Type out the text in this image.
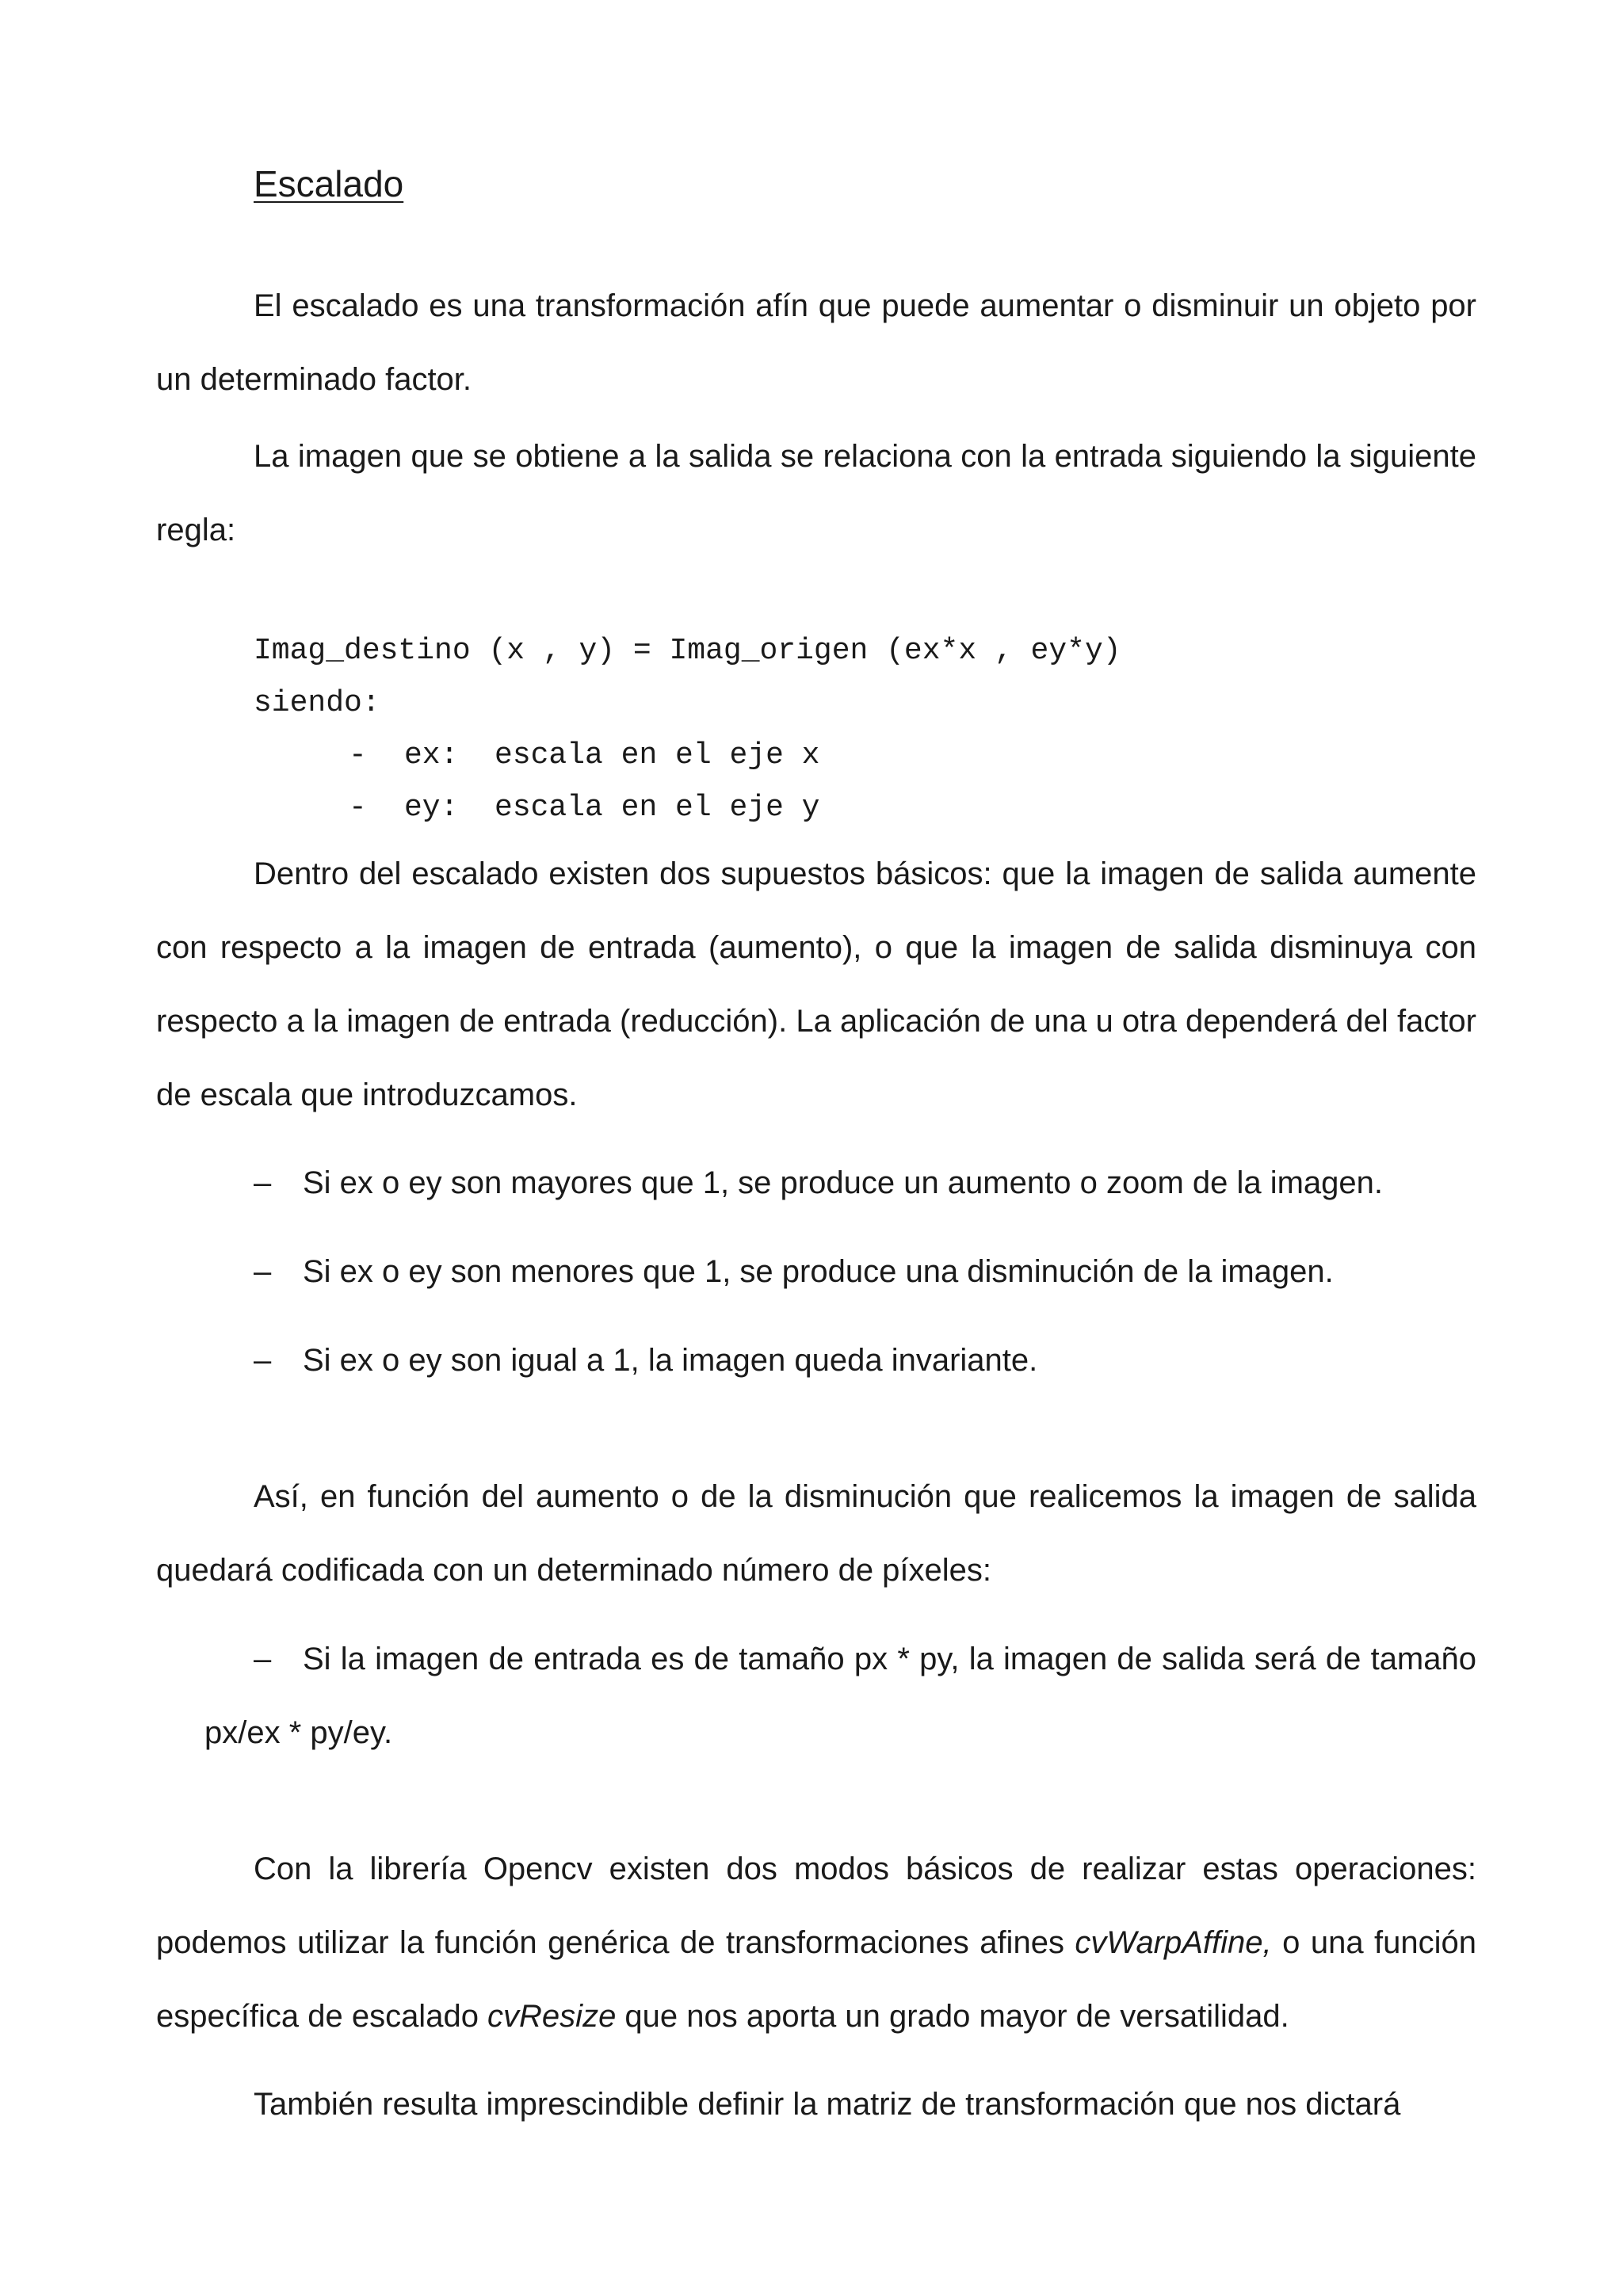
Escalado

El escalado es una transformación afín que puede aumentar o disminuir un objeto por un determinado factor.

La imagen que se obtiene a la salida se relaciona con la entrada siguiendo la siguiente regla:

Imag_destino (x , y) = Imag_origen (ex*x , ey*y)
siendo:
- ex:  escala en el eje x
- ey:  escala en el eje y

Dentro del escalado existen dos supuestos básicos: que la imagen de salida aumente con respecto a la imagen de entrada (aumento), o que la imagen de salida disminuya con respecto a la imagen de entrada (reducción). La aplicación de una u otra dependerá del factor de escala que introduzcamos.

– Si ex o ey son mayores que 1, se produce un aumento o zoom de la imagen.
– Si ex o ey son menores que 1, se produce una disminución de la imagen.
– Si ex o ey son igual a 1, la imagen queda invariante.

Así, en función del aumento o de la disminución que realicemos la imagen de salida quedará codificada con un determinado número de píxeles:

– Si la imagen de entrada es de tamaño px * py, la imagen de salida será de tamaño px/ex * py/ey.

Con la librería Opencv existen dos modos básicos de realizar estas operaciones: podemos utilizar la función genérica de transformaciones afines cvWarpAffine, o una función específica de escalado cvResize que nos aporta un grado mayor de versatilidad.

También resulta imprescindible definir la matriz de transformación que nos dictará
